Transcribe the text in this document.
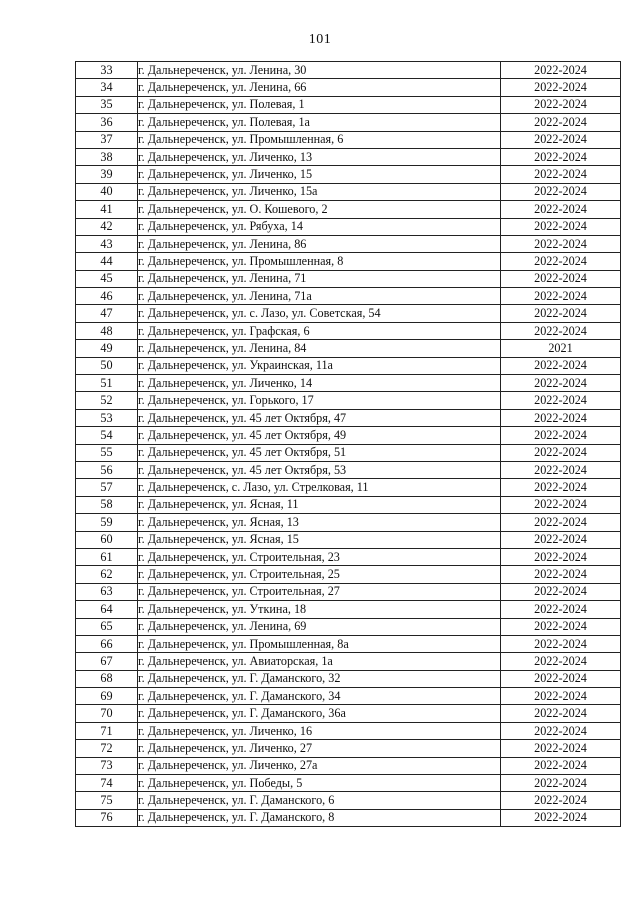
101
33	г. Дальнереченск, ул. Ленина, 30	2022-2024
34	г. Дальнереченск, ул. Ленина, 66	2022-2024
35	г. Дальнереченск, ул. Полевая, 1	2022-2024
36	г. Дальнереченск, ул. Полевая, 1а	2022-2024
37	г. Дальнереченск, ул. Промышленная, 6	2022-2024
38	г. Дальнереченск, ул. Личенко, 13	2022-2024
39	г. Дальнереченск, ул. Личенко, 15	2022-2024
40	г. Дальнереченск, ул. Личенко, 15а	2022-2024
41	г. Дальнереченск, ул. О. Кошевого, 2	2022-2024
42	г. Дальнереченск, ул. Рябуха, 14	2022-2024
43	г. Дальнереченск, ул. Ленина, 86	2022-2024
44	г. Дальнереченск, ул. Промышленная, 8	2022-2024
45	г. Дальнереченск, ул. Ленина, 71	2022-2024
46	г. Дальнереченск, ул. Ленина, 71а	2022-2024
47	г. Дальнереченск, ул. с. Лазо, ул. Советская, 54	2022-2024
48	г. Дальнереченск, ул. Графская, 6	2022-2024
49	г. Дальнереченск, ул. Ленина, 84	2021
50	г. Дальнереченск, ул. Украинская, 11а	2022-2024
51	г. Дальнереченск, ул. Личенко, 14	2022-2024
52	г. Дальнереченск, ул. Горького, 17	2022-2024
53	г. Дальнереченск, ул. 45 лет Октября, 47	2022-2024
54	г. Дальнереченск, ул. 45 лет Октября, 49	2022-2024
55	г. Дальнереченск, ул. 45 лет Октября, 51	2022-2024
56	г. Дальнереченск, ул. 45 лет Октября, 53	2022-2024
57	г. Дальнереченск, с. Лазо, ул. Стрелковая, 11	2022-2024
58	г. Дальнереченск, ул. Ясная, 11	2022-2024
59	г. Дальнереченск, ул. Ясная, 13	2022-2024
60	г. Дальнереченск, ул. Ясная, 15	2022-2024
61	г. Дальнереченск, ул. Строительная, 23	2022-2024
62	г. Дальнереченск, ул. Строительная, 25	2022-2024
63	г. Дальнереченск, ул. Строительная, 27	2022-2024
64	г. Дальнереченск, ул. Уткина, 18	2022-2024
65	г. Дальнереченск, ул. Ленина, 69	2022-2024
66	г. Дальнереченск, ул. Промышленная, 8а	2022-2024
67	г. Дальнереченск, ул. Авиаторская, 1а	2022-2024
68	г. Дальнереченск, ул. Г. Даманского, 32	2022-2024
69	г. Дальнереченск, ул. Г. Даманского, 34	2022-2024
70	г. Дальнереченск, ул. Г. Даманского, 36а	2022-2024
71	г. Дальнереченск, ул. Личенко, 16	2022-2024
72	г. Дальнереченск, ул. Личенко, 27	2022-2024
73	г. Дальнереченск, ул. Личенко, 27а	2022-2024
74	г. Дальнереченск, ул. Победы, 5	2022-2024
75	г. Дальнереченск, ул. Г. Даманского, 6	2022-2024
76	г. Дальнереченск, ул. Г. Даманского, 8	2022-2024
